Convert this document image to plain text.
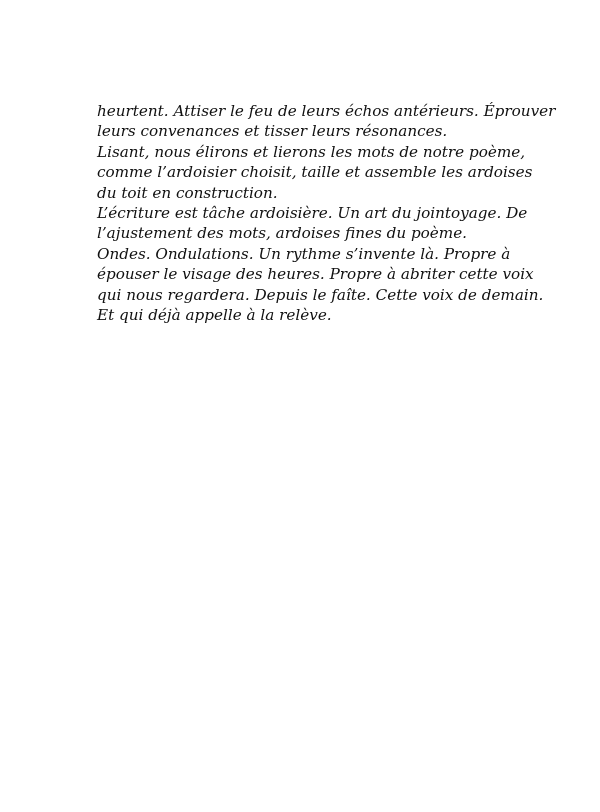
heurtent. Attiser le feu de leurs échos antérieurs. Éprouver
leurs convenances et tisser leurs résonances.
Lisant, nous élirons et lierons les mots de notre poème,
comme l’ardoisier choisit, taille et assemble les ardoises
du toit en construction.
L’écriture est tâche ardoisière. Un art du jointoyage. De
l’ajustement des mots, ardoises fines du poème.
Ondes. Ondulations. Un rythme s’invente là. Propre à
épouser le visage des heures. Propre à abriter cette voix
qui nous regardera. Depuis le faîte. Cette voix de demain.
Et qui déjà appelle à la relève.
